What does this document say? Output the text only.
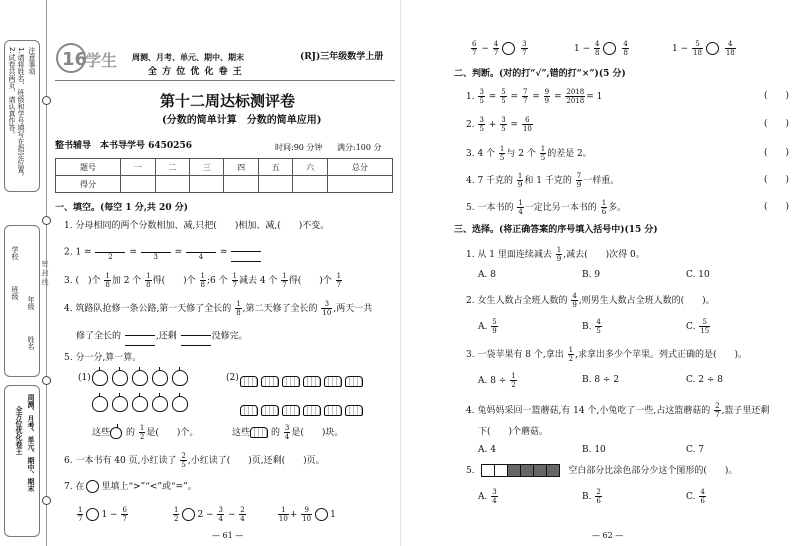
注意事项
1.请将姓名、班级和学号填写在指定位置。
2.试卷共两页，请认真作答。
年级
姓名
学校
班级
周测、月考、单元、期中、期末
全方位优化卷王
密 封 线
16
学生 周测、月考、单元、期中、期末
全 方 位 优 化 卷 王
(RJ)三年级数学上册
第十二周达标测评卷
(分数的简单计算　分数的简单应用)
整书辅导　本书导学号 6450256	时间:90 分钟 满分:100 分
题号	一	二	三	四	五	六	总分
得分							
一、填空。(每空 1 分,共 20 分)
1. 分母相同的两个分数相加、减,只把(　　)相加、减,(　　)不变。
2. 1 =	2	=	3	=	4	=
3. (　)个 $\frac{1}{8}$ 加 2 个 $\frac{1}{8}$ 得(　　)个 $\frac{1}{8}$ ;6 个 $\frac{1}{7}$ 减去 4 个 $\frac{1}{7}$ 得(　　)个 $\frac{1}{7}$
4. 筑路队抢修一条公路,第一天修了全长的 $\frac{1}{8}$ ,第二天修了全长的 $\frac{3}{10}$ ,两天一共
修了全长的	,还剩	没修完。
5. 分一分,算一算。
(1)	(2)
这些 的 $\frac{1}{2}$ 是(　　)个。	这些 的 $\frac{3}{4}$ 是(　　)块。
6. 一本书有 40 页,小红读了 $\frac{2}{5}$ ,小红读了(　　)页,还剩(　　)页。
7. 在 里填上“>”“<”或“=”。
$\frac{1}{7} 1 - \frac{6}{7}$	$\frac{1}{2} 2 - \frac{3}{4} - \frac{2}{4}$
	$\frac{1}{10} + \frac{9}{10} 1$
— 61 —
$\frac{6}{7} - \frac{4}{7}$
	$\frac{3}{7}$	$1 - \frac{4}{8}$
	$\frac{4}{8}$	$1 - \frac{5}{18}$
	$\frac{4}{18}$
二、判断。(对的打“√”,错的打“×”)(5 分)
1. $\frac{3}{5} = \frac{5}{5} = \frac{7}{7} = \frac{9}{9} = \frac{2018}{2018} = 1$	(　　)
2. $\frac{3}{5} + \frac{3}{5} = \frac{6}{10}$	(　　)
3. 4 个 $\frac{1}{5}$ 与 2 个 $\frac{1}{5}$ 的差是 2。	(　　)
4. 7 千克的 $\frac{1}{9}$ 和 1 千克的 $\frac{7}{9}$ 一样重。	(　　)
5. 一本书的 $\frac{1}{4}$ 一定比另一本书的 $\frac{1}{6}$ 多。	(　　)
三、选择。(将正确答案的序号填入括号中)(15 分)
1. 从 1 里面连续减去 $\frac{1}{9}$ ,减去(　　)次得 0。
A. 8	B. 9	C. 10
2. 女生人数占全班人数的 $\frac{4}{9}$ ,则男生人数占全班人数的(　　)。
A. $\frac{5}{9}$	B. $\frac{4}{5}$	C. $\frac{5}{15}$
3. 一袋苹果有 8 个,拿出 $\frac{1}{2}$ ,求拿出多少个苹果。列式正确的是(　　)。
A. $8 \div \frac{1}{2}$	B. 8 ÷ 2	C. 2 ÷ 8
4. 兔妈妈采回一篮蘑菇,有 14 个,小兔吃了一些,占这篮蘑菇的 $\frac{2}{7}$ ,篮子里还剩
下(　　)个蘑菇。
A. 4	B. 10	C. 7
5.	空白部分比涂色部分少这个图形的(　　)。
A. $\frac{3}{4}$	B. $\frac{2}{6}$	C. $\frac{4}{6}$
— 62 —
